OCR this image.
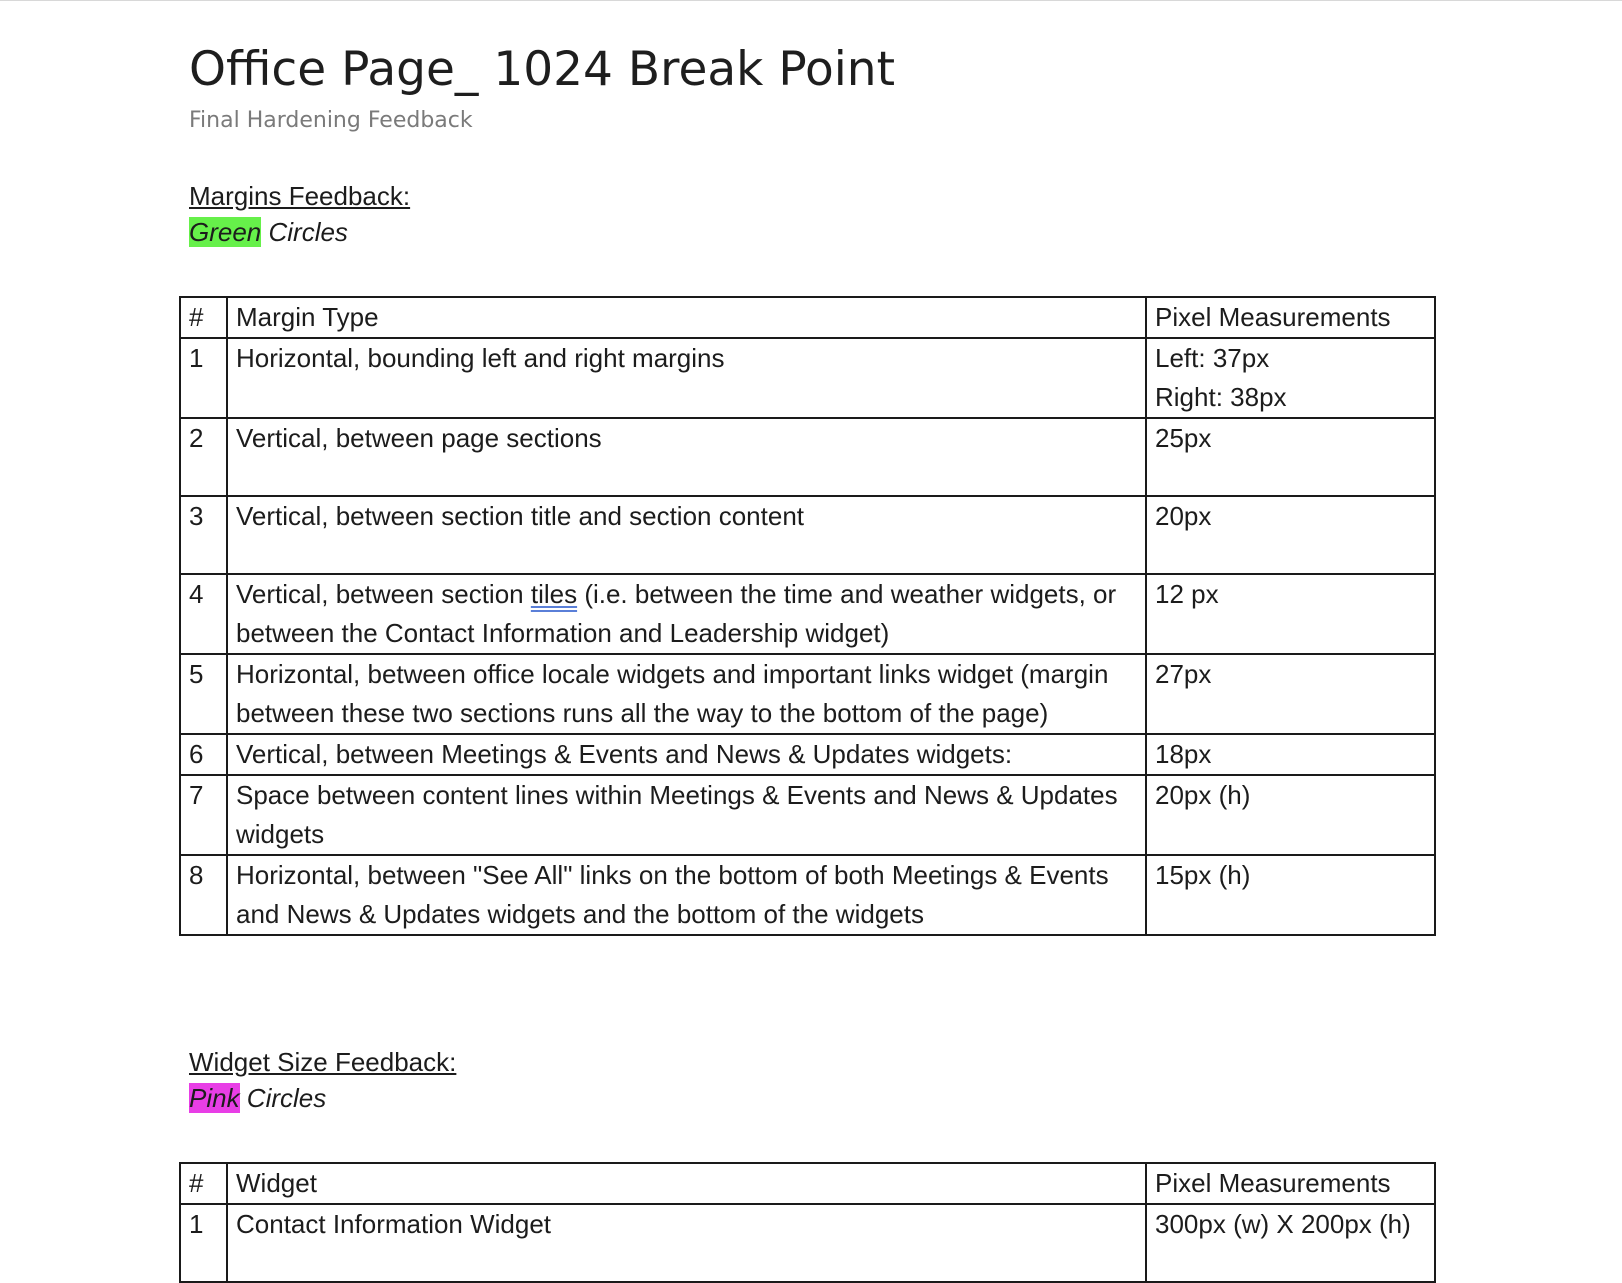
Office Page_ 1024 Break Point
Final Hardening Feedback
Margins Feedback:
Green Circles
#	Margin Type	Pixel Measurements
1	Horizontal, bounding left and right margins	Left: 37px
Right: 38px

2	Vertical, between page sections	25px
3	Vertical, between section title and section content	20px
4	Vertical, between section tiles (i.e. between the time and weather widgets, or between the Contact Information and Leadership widget)	12 px
5	Horizontal, between office locale widgets and important links widget (margin between these two sections runs all the way to the bottom of the page)	27px
6	Vertical, between Meetings & Events and News & Updates widgets:	18px
7	Space between content lines within Meetings & Events and News & Updates widgets	20px (h)
8	Horizontal, between "See All" links on the bottom of both Meetings & Events and News & Updates widgets and the bottom of the widgets	15px (h)
Widget Size Feedback:
Pink Circles
#	Widget	Pixel Measurements
1	Contact Information Widget	300px (w) X 200px (h)
